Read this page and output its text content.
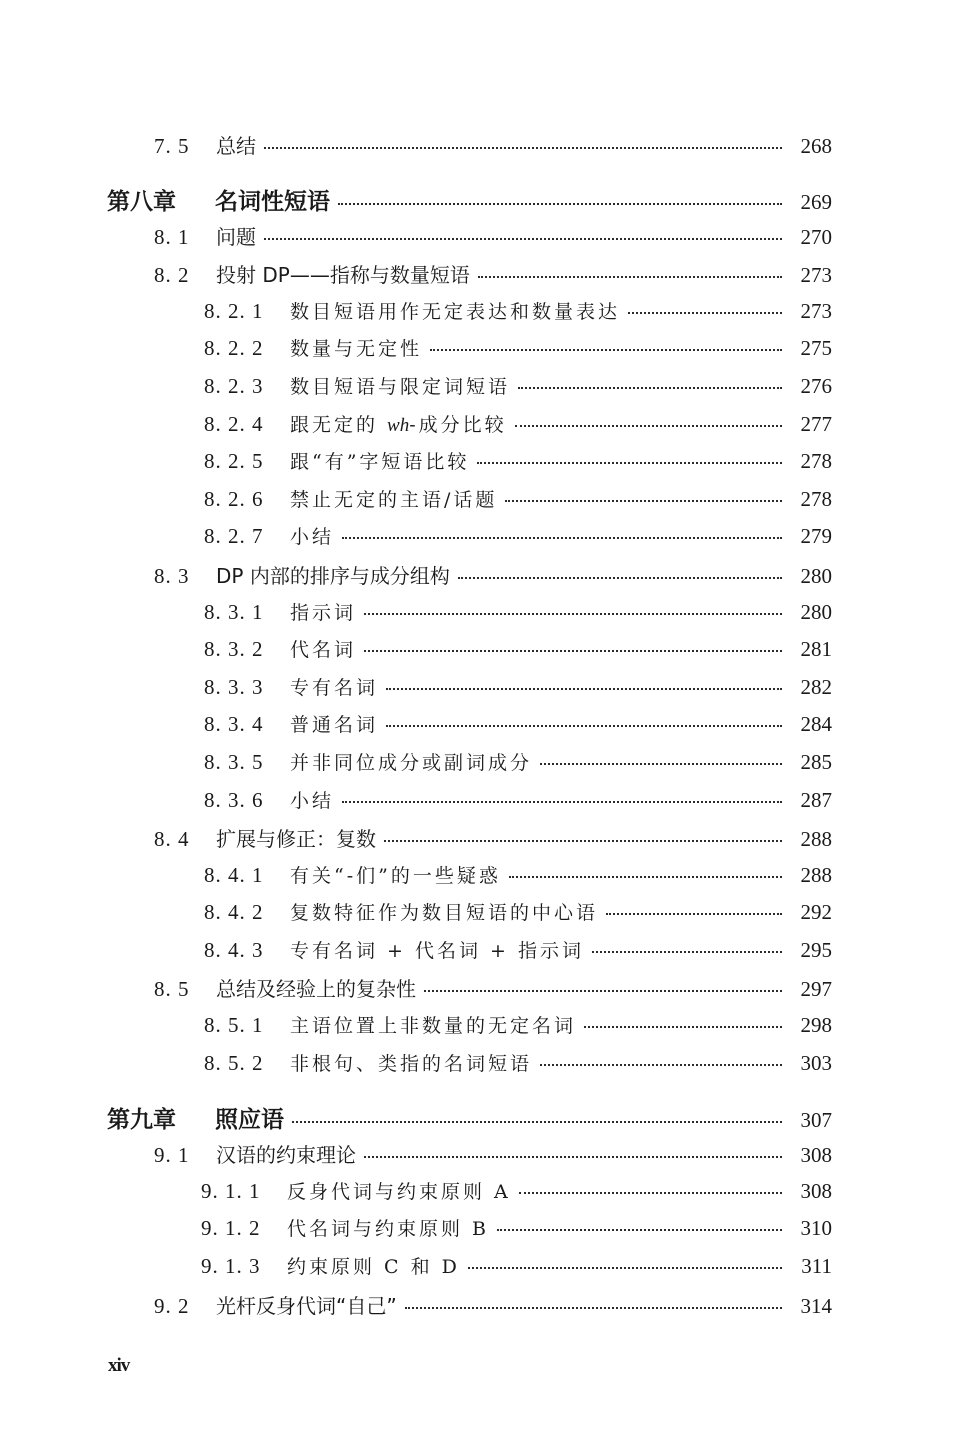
7. 5	总结	268
第八章	名词性短语	269
8. 1	问题	270
8. 2	投射 DP——指称与数量短语	273
8. 2. 1	数目短语用作无定表达和数量表达	273
8. 2. 2	数量与无定性	275
8. 2. 3	数目短语与限定词短语	276
8. 2. 4	跟无定的 wh-成分比较	277
8. 2. 5	跟“有”字短语比较	278
8. 2. 6	禁止无定的主语/话题	278
8. 2. 7	小结	279
8. 3	DP 内部的排序与成分组构	280
8. 3. 1	指示词	280
8. 3. 2	代名词	281
8. 3. 3	专有名词	282
8. 3. 4	普通名词	284
8. 3. 5	并非同位成分或副词成分	285
8. 3. 6	小结	287
8. 4	扩展与修正：复数	288
8. 4. 1	有关“-们”的一些疑惑	288
8. 4. 2	复数特征作为数目短语的中心语	292
8. 4. 3	专有名词 + 代名词 + 指示词	295
8. 5	总结及经验上的复杂性	297
8. 5. 1	主语位置上非数量的无定名词	298
8. 5. 2	非根句、类指的名词短语	303
第九章	照应语	307
9. 1	汉语的约束理论	308
9. 1. 1	反身代词与约束原则 A	308
9. 1. 2	代名词与约束原则 B	310
9. 1. 3	约束原则 C 和 D	311
9. 2	光杆反身代词“自己”	314
xiv
